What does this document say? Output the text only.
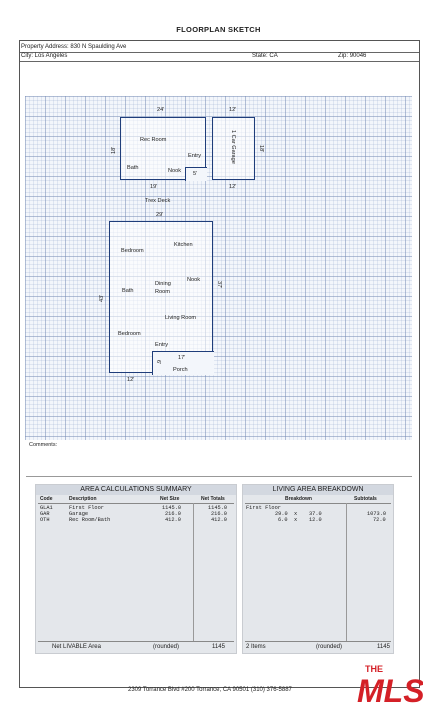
FLOORPLAN SKETCH
Property Address: 830 N Spaulding Ave
City: Los Angeles	State: CA	Zip: 90046
24'
Rec Room
18'
Bath	Nook
Entry
19'
5'
12'
1 Car Garage	18'
12'
Trex Deck
29'
Bedroom
Kitchen
Nook
37'
43'
Bath
Dining Room
Living Room
Bedroom
Entry
6'
17'
Porch
12'
Comments:
AREA CALCULATIONS SUMMARY
Code	Description	Net Size	Net Totals
GLA1	First Floor	1145.0	1145.0
GAR	Garage	216.0	216.0
OTH	Rec Room/Bath	412.0	412.0
Net LIVABLE Area	(rounded)	1145
LIVING AREA BREAKDOWN
Breakdown	Subtotals
First Floor
29.0 x 37.0	1073.0
6.0 x 12.0	72.0
2 Items	(rounded)	1145
2309 Torrance Blvd #200 Torrance, CA 90501 (310) 376-5887
THE
MLS
